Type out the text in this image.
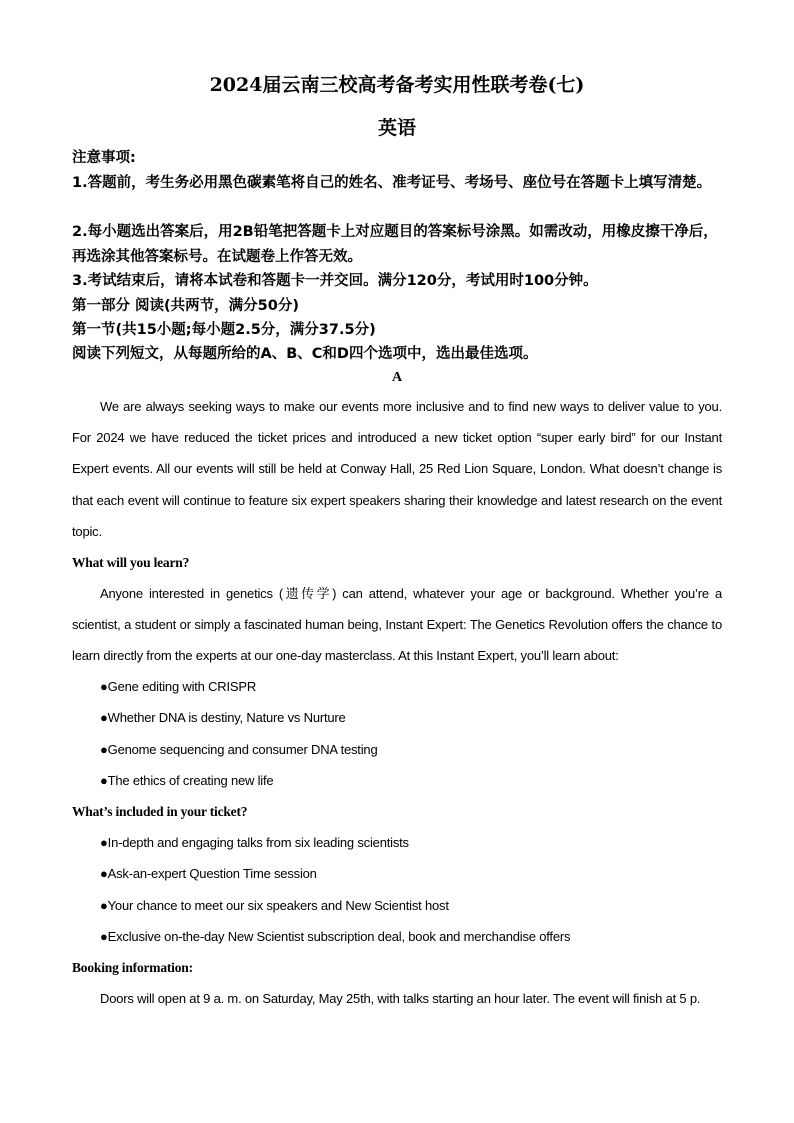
2024届云南三校高考备考实用性联考卷(七)
英语

注意事项:

1.答题前，考生务必用黑色碳素笔将自己的姓名、准考证号、考场号、座位号在答题卡上填写清楚。

2.每小题选出答案后，用2B铅笔把答题卡上对应题目的答案标号涂黑。如需改动，用橡皮擦干净后，再选涂其他答案标号。在试题卷上作答无效。

3.考试结束后，请将本试卷和答题卡一并交回。满分120分，考试用时100分钟。

第一部分 阅读(共两节，满分50分)

第一节(共15小题;每小题2.5分，满分37.5分)

阅读下列短文，从每题所给的A、B、C和D四个选项中，选出最佳选项。

A

We are always seeking ways to make our events more inclusive and to find new ways to deliver value to you. For 2024 we have reduced the ticket prices and introduced a new ticket option “super early bird” for our Instant Expert events. All our events will still be held at Conway Hall, 25 Red Lion Square, London. What doesn’t change is that each event will continue to feature six expert speakers sharing their knowledge and latest research on the event topic.

What will you learn?

Anyone interested in genetics (遗传学) can attend, whatever your age or background. Whether you’re a scientist, a student or simply a fascinated human being, Instant Expert: The Genetics Revolution offers the chance to learn directly from the experts at our one-day masterclass. At this Instant Expert, you’ll learn about:

●Gene editing with CRISPR

●Whether DNA is destiny, Nature vs Nurture

●Genome sequencing and consumer DNA testing

●The ethics of creating new life

What’s included in your ticket?

●In-depth and engaging talks from six leading scientists

●Ask-an-expert Question Time session

●Your chance to meet our six speakers and New Scientist host

●Exclusive on-the-day New Scientist subscription deal, book and merchandise offers

Booking information:

Doors will open at 9 a. m. on Saturday, May 25th, with talks starting an hour later. The event will finish at 5 p.
